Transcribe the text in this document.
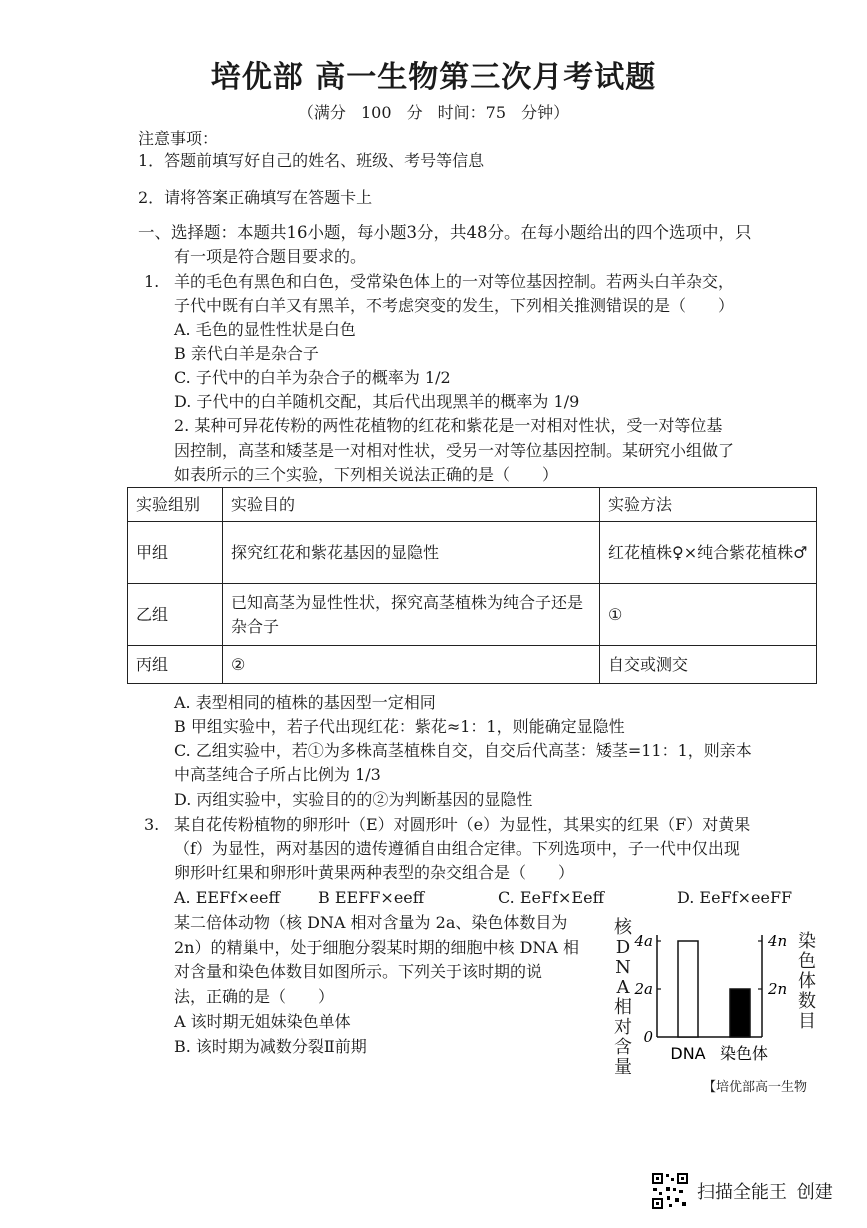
培优部 高一生物第三次月考试题
（满分 100 分 时间：75 分钟）
注意事项：
1．答题前填写好自己的姓名、班级、考号等信息
2．请将答案正确填写在答题卡上
一、选择题：本题共16小题，每小题3分，共48分。在每小题给出的四个选项中，只
有一项是符合题目要求的。
1. 羊的毛色有黑色和白色，受常染色体上的一对等位基因控制。若两头白羊杂交，
子代中既有白羊又有黑羊，不考虑突变的发生，下列相关推测错误的是（　　）
A. 毛色的显性性状是白色
B 亲代白羊是杂合子
C. 子代中的白羊为杂合子的概率为 1/2
D. 子代中的白羊随机交配，其后代出现黑羊的概率为 1/9
2. 某种可异花传粉的两性花植物的红花和紫花是一对相对性状，受一对等位基
因控制，高茎和矮茎是一对相对性状，受另一对等位基因控制。某研究小组做了
如表所示的三个实验，下列相关说法正确的是（　　）
实验组别	实验目的	实验方法
甲组	探究红花和紫花基因的显隐性	红花植株♀×纯合紫花植株♂
乙组	已知高茎为显性性状，探究高茎植株为纯合子还是杂合子	①
丙组	②	自交或测交
A. 表型相同的植株的基因型一定相同
B 甲组实验中，若子代出现红花：紫花≈1：1，则能确定显隐性
C. 乙组实验中，若①为多株高茎植株自交，自交后代高茎：矮茎=11：1，则亲本
中高茎纯合子所占比例为 1/3
D. 丙组实验中，实验目的的②为判断基因的显隐性
3. 某自花传粉植物的卵形叶（E）对圆形叶（e）为显性，其果实的红果（F）对黄果
（f）为显性，两对基因的遗传遵循自由组合定律。下列选项中，子一代中仅出现
卵形叶红果和卵形叶黄果两种表型的杂交组合是（　　）
A. EEFf×eeff B EEFF×eeff	C. EeFf×Eeff	D. EeFf×eeFF
某二倍体动物（核 DNA 相对含量为 2a、染色体数目为
2n）的精巢中，处于细胞分裂某时期的细胞中核 DNA 相
对含量和染色体数目如图所示。下列关于该时期的说
法，正确的是（　　）
A 该时期无姐妹染色单体
B. 该时期为减数分裂Ⅱ前期
核
D
N
A
相
对
含
量
染
色
体
数
目
4a	4n
2a	2n
0
DNA 染色体
【培优部高一生物
扫描全能王 创建
